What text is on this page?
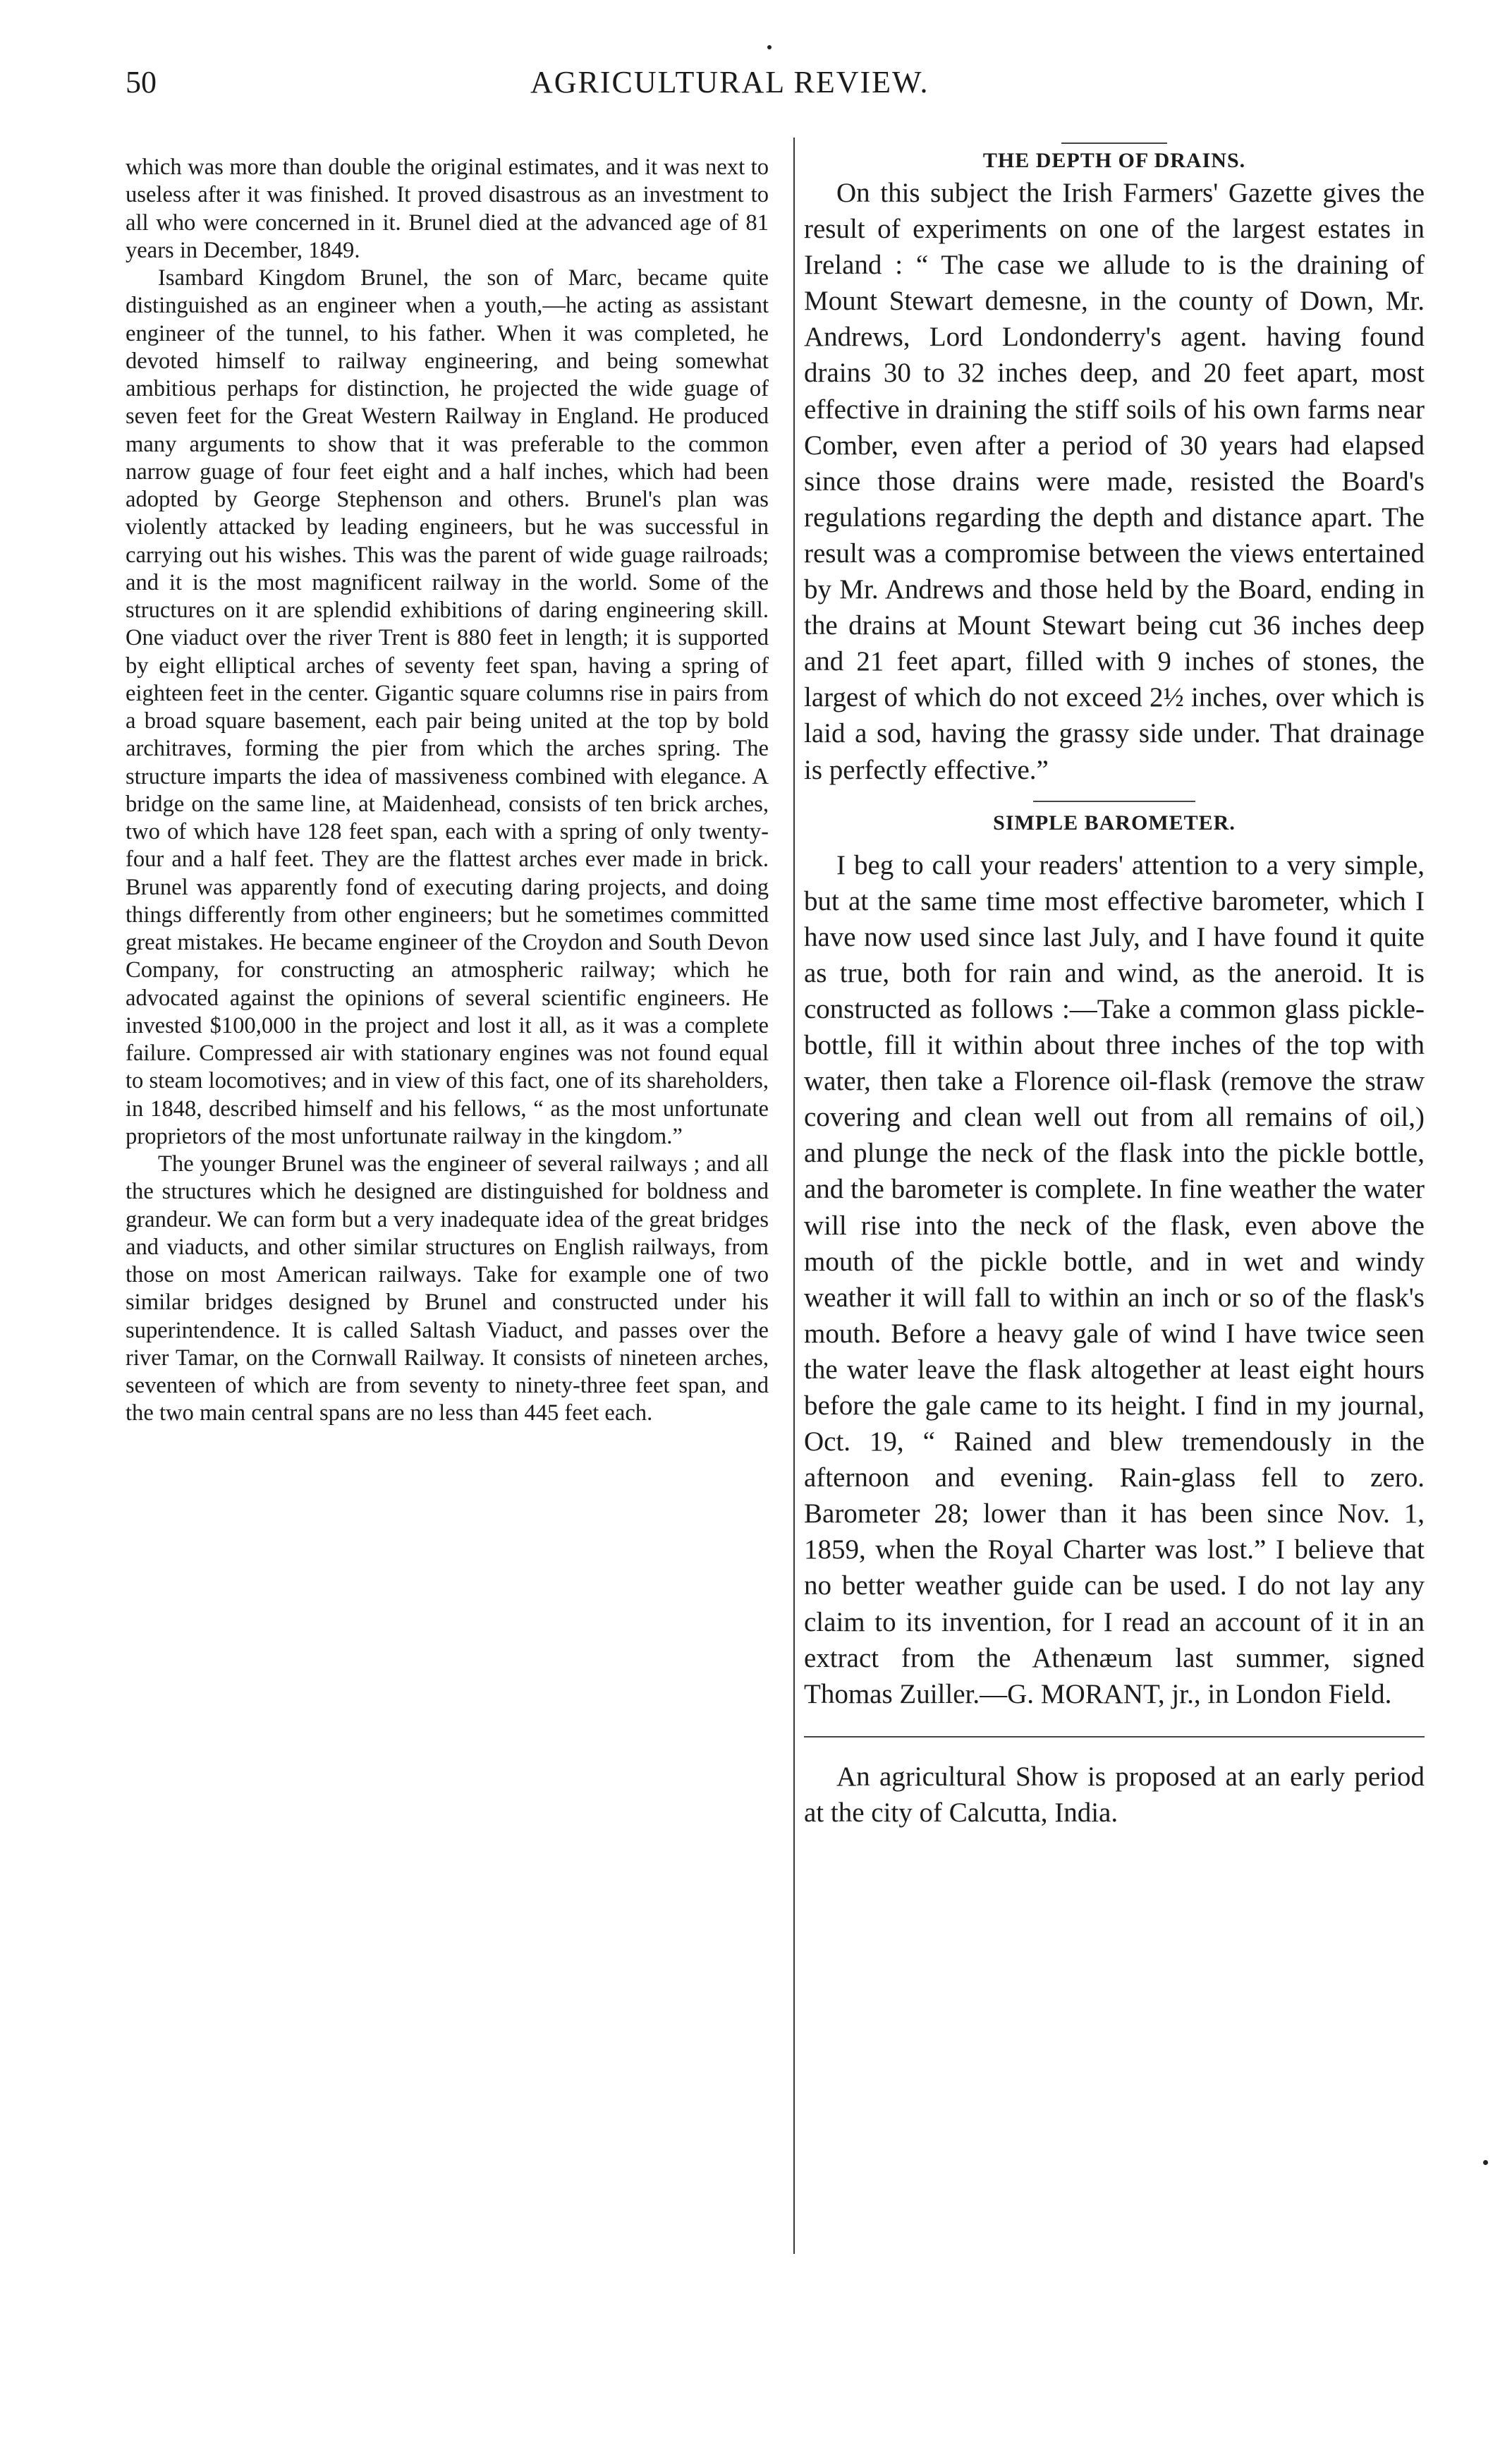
50	AGRICULTURAL REVIEW.

which was more than double the original estimates, and it was next to useless after it was finished. It proved disastrous as an investment to all who were concerned in it. Brunel died at the advanced age of 81 years in December, 1849.

Isambard Kingdom Brunel, the son of Marc, became quite distinguished as an engineer when a youth,—he acting as assistant engineer of the tunnel, to his father. When it was completed, he devoted himself to railway engineering, and being somewhat ambitious perhaps for distinction, he projected the wide guage of seven feet for the Great Western Railway in England. He produced many arguments to show that it was preferable to the common narrow guage of four feet eight and a half inches, which had been adopted by George Stephenson and others. Brunel's plan was violently attacked by leading engineers, but he was successful in carrying out his wishes. This was the parent of wide guage railroads; and it is the most magnificent railway in the world. Some of the structures on it are splendid exhibitions of daring engineering skill. One viaduct over the river Trent is 880 feet in length; it is supported by eight elliptical arches of seventy feet span, having a spring of eighteen feet in the center. Gigantic square columns rise in pairs from a broad square basement, each pair being united at the top by bold architraves, forming the pier from which the arches spring. The structure imparts the idea of massiveness combined with elegance. A bridge on the same line, at Maidenhead, consists of ten brick arches, two of which have 128 feet span, each with a spring of only twenty-four and a half feet. They are the flattest arches ever made in brick. Brunel was apparently fond of executing daring projects, and doing things differently from other engineers; but he sometimes committed great mistakes. He became engineer of the Croydon and South Devon Company, for constructing an atmospheric railway; which he advocated against the opinions of several scientific engineers. He invested $100,000 in the project and lost it all, as it was a complete failure. Compressed air with stationary engines was not found equal to steam locomotives; and in view of this fact, one of its shareholders, in 1848, described himself and his fellows, “ as the most unfortunate proprietors of the most unfortunate railway in the kingdom.”

The younger Brunel was the engineer of several railways ; and all the structures which he designed are distinguished for boldness and grandeur. We can form but a very inadequate idea of the great bridges and viaducts, and other similar structures on English railways, from those on most American railways. Take for example one of two similar bridges designed by Brunel and constructed under his superintendence. It is called Saltash Viaduct, and passes over the river Tamar, on the Cornwall Railway. It consists of nineteen arches, seventeen of which are from seventy to ninety-three feet span, and the two main central spans are no less than 445 feet each.

THE DEPTH OF DRAINS.

On this subject the Irish Farmers' Gazette gives the result of experiments on one of the largest estates in Ireland : “ The case we allude to is the draining of Mount Stewart demesne, in the county of Down, Mr. Andrews, Lord Londonderry's agent. having found drains 30 to 32 inches deep, and 20 feet apart, most effective in draining the stiff soils of his own farms near Comber, even after a period of 30 years had elapsed since those drains were made, resisted the Board's regulations regarding the depth and distance apart. The result was a compromise between the views entertained by Mr. Andrews and those held by the Board, ending in the drains at Mount Stewart being cut 36 inches deep and 21 feet apart, filled with 9 inches of stones, the largest of which do not exceed 2½ inches, over which is laid a sod, having the grassy side under. That drainage is perfectly effective.”

SIMPLE BAROMETER.

I beg to call your readers' attention to a very simple, but at the same time most effective barometer, which I have now used since last July, and I have found it quite as true, both for rain and wind, as the aneroid. It is constructed as follows :—Take a common glass pickle-bottle, fill it within about three inches of the top with water, then take a Florence oil-flask (remove the straw covering and clean well out from all remains of oil,) and plunge the neck of the flask into the pickle bottle, and the barometer is complete. In fine weather the water will rise into the neck of the flask, even above the mouth of the pickle bottle, and in wet and windy weather it will fall to within an inch or so of the flask's mouth. Before a heavy gale of wind I have twice seen the water leave the flask altogether at least eight hours before the gale came to its height. I find in my journal, Oct. 19, “ Rained and blew tremendously in the afternoon and evening. Rain-glass fell to zero. Barometer 28; lower than it has been since Nov. 1, 1859, when the Royal Charter was lost.” I believe that no better weather guide can be used. I do not lay any claim to its invention, for I read an account of it in an extract from the Athenæum last summer, signed Thomas Zuiller.—G. MORANT, jr., in London Field.

An agricultural Show is proposed at an early period at the city of Calcutta, India.
